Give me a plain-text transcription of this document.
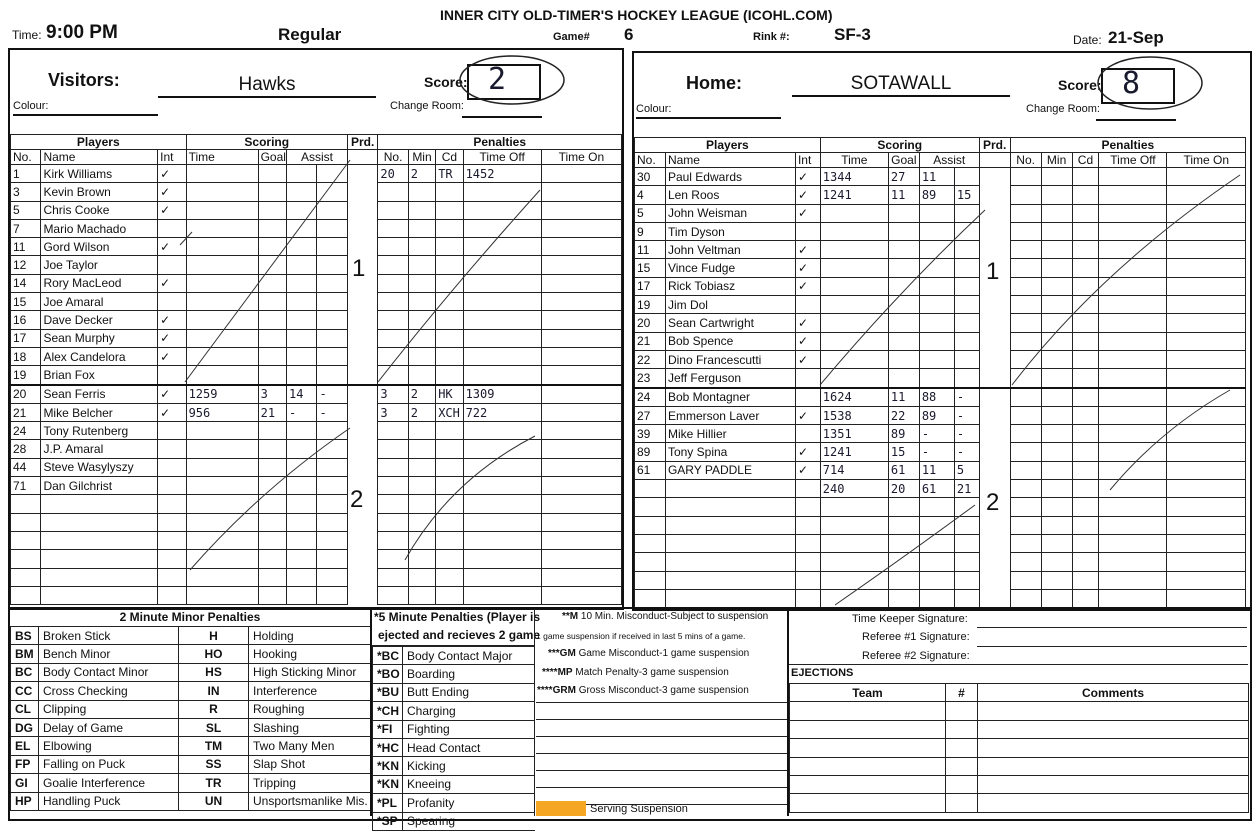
INNER CITY OLD-TIMER'S HOCKEY LEAGUE (ICOHL.COM)
Time: 9:00 PM	Regular	Game# 6	Rink #:	SF-3	Date: 21-Sep
Visitors:	Hawks	Score: 2
Colour:	Change Room:
Home:	SOTAWALL	Score: 8
Colour:	Change Room:
Players			Scoring				Prd.	Penalties				
No.	Name	Int	Time	Goal	Assist			No.	Min	Cd	Time Off	Time On
1	Kirk Williams	✓						20	2	TR	1452	
3	Kevin Brown	✓										
5	Chris Cooke	✓										
7	Mario Machado											
11	Gord Wilson	✓										
12	Joe Taylor											
14	Rory MacLeod	✓										
15	Joe Amaral											
16	Dave Decker	✓										
17	Sean Murphy	✓										
18	Alex Candelora	✓										
19	Brian Fox											
20	Sean Ferris	✓	1259	3	14	-		3	2	HK	1309	
21	Mike Belcher	✓	956	21	-	-		3	2	XCH	722	
24	Tony Rutenberg											
28	J.P. Amaral											
44	Steve Wasylyszy											
71	Dan Gilchrist											

Players			Scoring				Prd.	Penalties				
No.	Name	Int	Time	Goal	Assist			No.	Min	Cd	Time Off	Time On
30	Paul Edwards	✓	1344	27	11							
4	Len Roos	✓	1241	11	89	15						
5	John Weisman	✓										
9	Tim Dyson											
11	John Veltman	✓										
15	Vince Fudge	✓										
17	Rick Tobiasz	✓										
19	Jim Dol											
20	Sean Cartwright	✓										
21	Bob Spence	✓										
22	Dino Francescutti	✓										
23	Jeff Ferguson											
24	Bob Montagner		1624	11	88	-						
27	Emmerson Laver	✓	1538	22	89	-						
39	Mike Hillier		1351	89	-	-						
89	Tony Spina	✓	1241	15	-	-						
61	GARY PADDLE	✓	714	61	11	5						
			240	20	61	21						

2 Minute Minor Penalties
BS	Broken Stick	H	Holding
BM	Bench Minor	HO	Hooking
BC	Body Contact Minor	HS	High Sticking Minor
CC	Cross Checking	IN	Interference
CL	Clipping	R	Roughing
DG	Delay of Game	SL	Slashing
EL	Elbowing	TM	Two Many Men
FP	Falling on Puck	SS	Slap Shot
GI	Goalie Interference	TR	Tripping
HP	Handling Puck	UN	Unsportsmanlike Mis.
*5 Minute Penalties (Player is
ejected and recieves 2 game
*BC	Body Contact Major
*BO	Boarding
*BU	Butt Ending
*CH	Charging
*FI	Fighting
*HC	Head Contact
*KN	Kicking
*KN	Kneeing
*PL	Profanity
*SP	Spearing
**M 10 Min. Misconduct-Subject to suspension
1 game suspension if received in last 5 mins of a game.
***GM Game Misconduct-1 game suspension
****MP Match Penalty-3 game suspension
****GRM Gross Misconduct-3 game suspension
Serving Suspension
Time Keeper Signature:
Referee #1 Signature:
Referee #2 Signature:
EJECTIONS
Team	#	Comments

1
2
1
2
